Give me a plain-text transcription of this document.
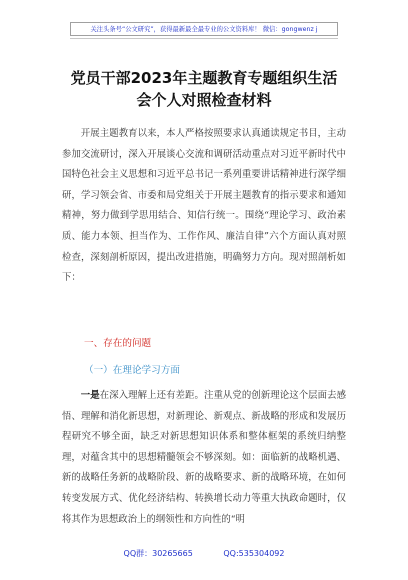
关注头条号“公文研究”，获得最新最全最专业的公文资料库！ 微信：gongwenz j
党员干部2023年主题教育专题组织生活
会个人对照检查材料
开展主题教育以来，本人严格按照要求认真通读规定书目，主动参加交流研讨，深入开展谈心交流和调研活动重点对习近平新时代中国特色社会主义思想和习近平总书记一系列重要讲话精神进行深学细研，学习领会省、市委和局党组关于开展主题教育的指示要求和通知精神，努力做到学思用结合、知信行统一。围绕“理论学习、政治素质、能力本领、担当作为、工作作风、廉洁自律”六个方面认真对照检查，深刻剖析原因，提出改进措施，明确努力方向。现对照剖析如下：
一、存在的问题
（一）在理论学习方面
一是在深入理解上还有差距。注重从党的创新理论这个层面去感悟、理解和消化新思想，对新理论、新观点、新战略的形成和发展历程研究不够全面，缺乏对新思想知识体系和整体框架的系统归纳整理，对蕴含其中的思想精髓领会不够深刻。如：面临新的战略机遇、新的战略任务新的战略阶段、新的战略要求、新的战略环境，在如何转变发展方式、优化经济结构、转换增长动力等重大执政命题时，仅将其作为思想政治上的纲领性和方向性的“明
QQ群：30265665	QQ:535304092
